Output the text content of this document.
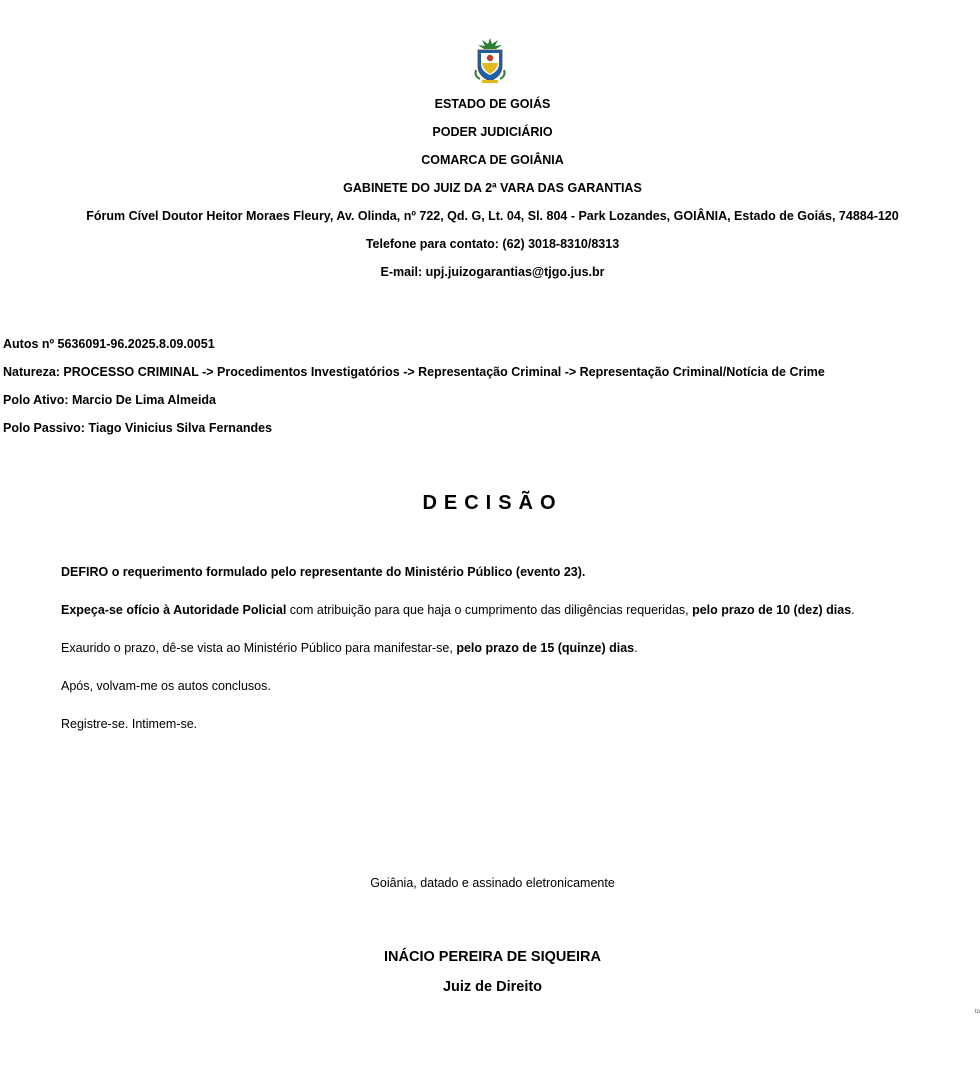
ESTADO DE GOIÁS
PODER JUDICIÁRIO
COMARCA DE GOIÂNIA
GABINETE DO JUIZ DA 2ª VARA DAS GARANTIAS
Fórum Cível Doutor Heitor Moraes Fleury, Av. Olinda, nº 722, Qd. G, Lt. 04, Sl. 804 - Park Lozandes, GOIÂNIA, Estado de Goiás, 74884-120
Telefone para contato: (62) 3018-8310/8313
E-mail: upj.juizogarantias@tjgo.jus.br
Autos nº 5636091-96.2025.8.09.0051
Natureza: PROCESSO CRIMINAL -> Procedimentos Investigatórios -> Representação Criminal -> Representação Criminal/Notícia de Crime
Polo Ativo: Marcio De Lima Almeida
Polo Passivo: Tiago Vinicius Silva Fernandes
DECISÃO
DEFIRO o requerimento formulado pelo representante do Ministério Público (evento 23).
Expeça-se ofício à Autoridade Policial com atribuição para que haja o cumprimento das diligências requeridas, pelo prazo de 10 (dez) dias.
Exaurido o prazo, dê-se vista ao Ministério Público para manifestar-se, pelo prazo de 15 (quinze) dias.
Após, volvam-me os autos conclusos.
Registre-se. Intimem-se.
Goiânia, datado e assinado eletronicamente
INÁCIO PEREIRA DE SIQUEIRA
Juiz de Direito
to
